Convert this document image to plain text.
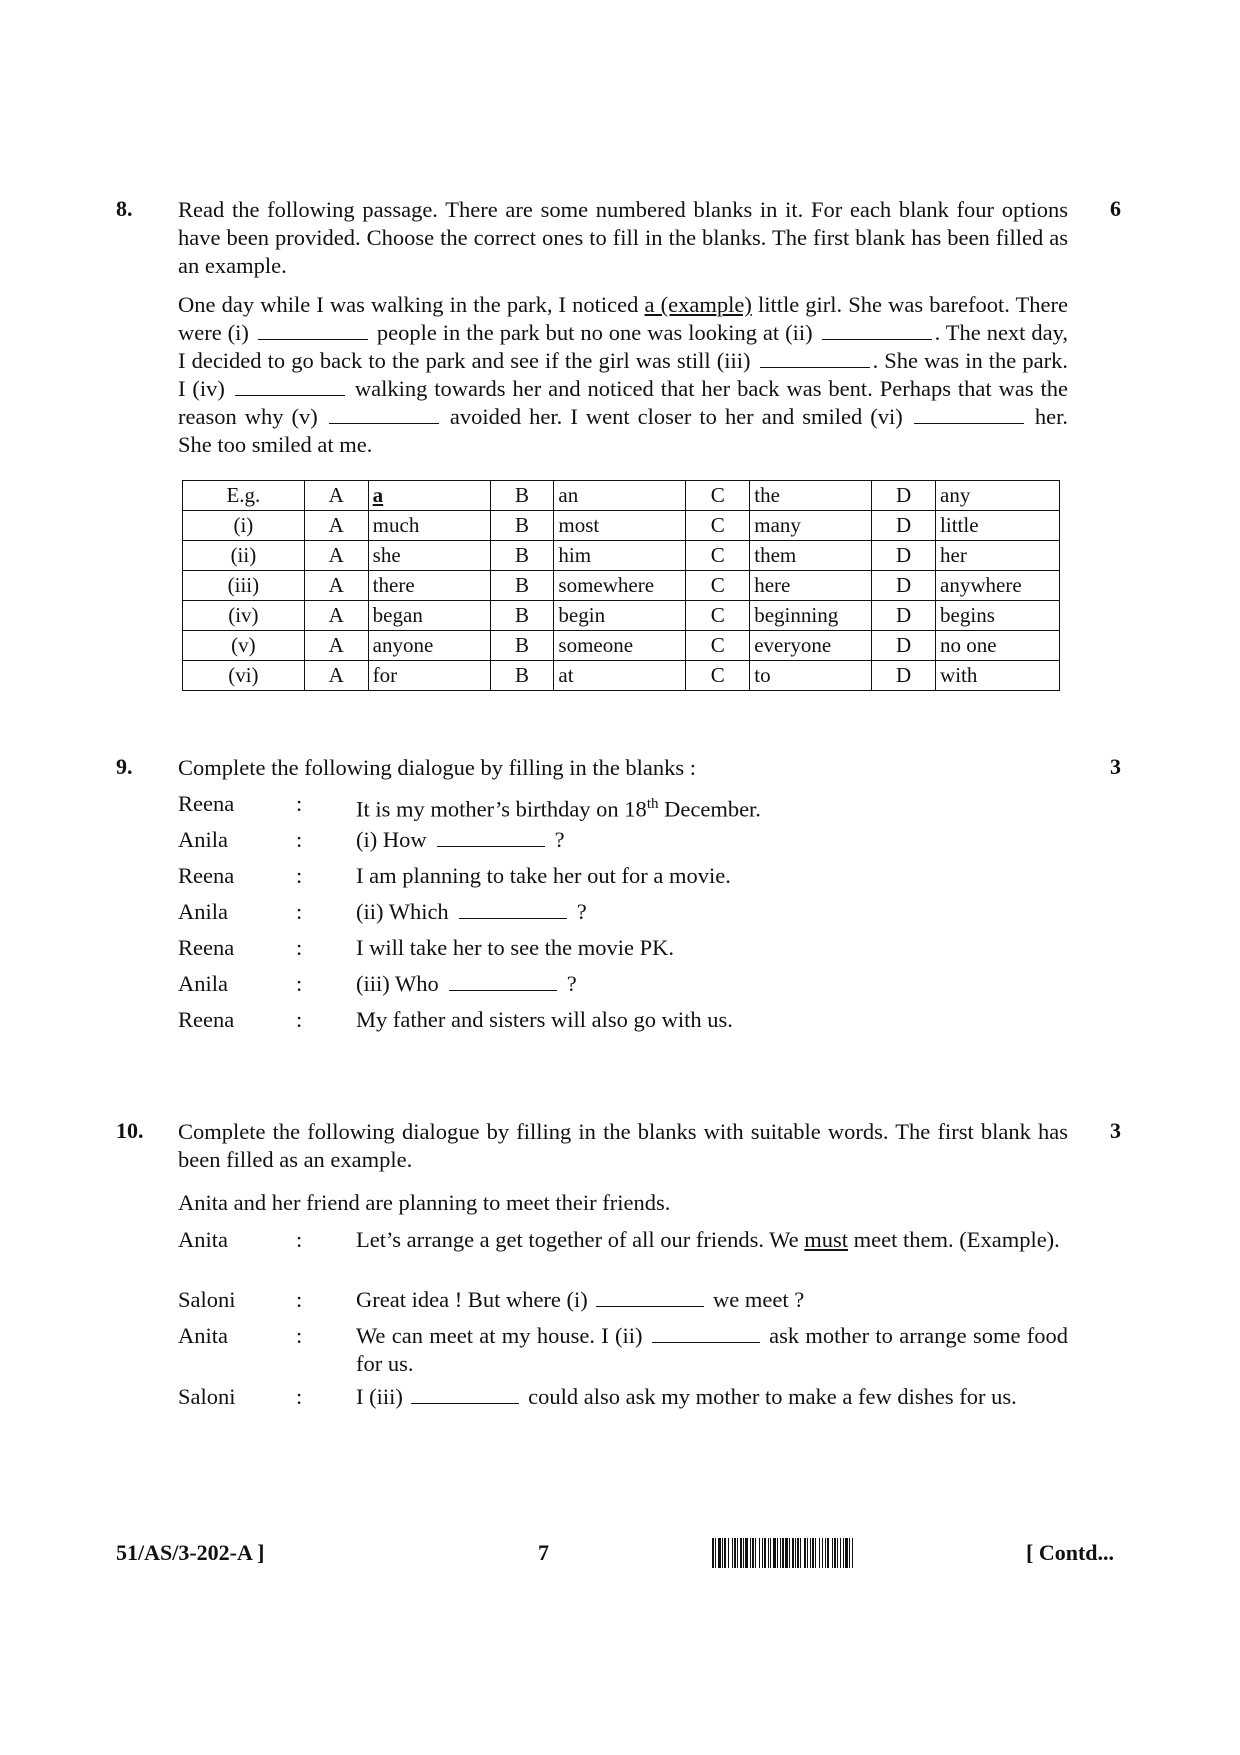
8.	6
Read the following passage. There are some numbered blanks in it. For each blank four options have been provided. Choose the correct ones to fill in the blanks. The first blank has been filled as an example.
One day while I was walking in the park, I noticed a (example) little girl. She was barefoot. There were (i)	people in the park but no one was looking at (ii)	. The next day, I decided to go back to the park and see if the girl was still (iii)	. She was in the park. I (iv)	walking towards her and noticed that her back was bent. Perhaps that was the reason why (v)	avoided her. I went closer to her and smiled (vi)	her. She too smiled at me.
E.g.	A	a	B	an	C	the	D	any
(i)	A	much	B	most	C	many	D	little
(ii)	A	she	B	him	C	them	D	her
(iii)	A	there	B	somewhere	C	here	D	anywhere
(iv)	A	began	B	begin	C	beginning	D	begins
(v)	A	anyone	B	someone	C	everyone	D	no one
(vi)	A	for	B	at	C	to	D	with
9.	3
Complete the following dialogue by filling in the blanks :
Reena	: It is my mother’s birthday on 18th December.
Anila	: (i) How	?
Reena	: I am planning to take her out for a movie.
Anila	: (ii) Which	?
Reena	: I will take her to see the movie PK.
Anila	: (iii) Who	?
Reena	: My father and sisters will also go with us.
10.	3
Complete the following dialogue by filling in the blanks with suitable words. The first blank has been filled as an example.
Anita and her friend are planning to meet their friends.
Anita	: Let’s arrange a get together of all our friends. We must meet them. (Example).
Saloni	: Great idea ! But where (i)	we meet ?
Anita	: We can meet at my house. I (ii)	ask mother to arrange some food for us.
Saloni	: I (iii)	could also ask my mother to make a few dishes for us.
51/AS/3-202-A ]	7	[ Contd...
